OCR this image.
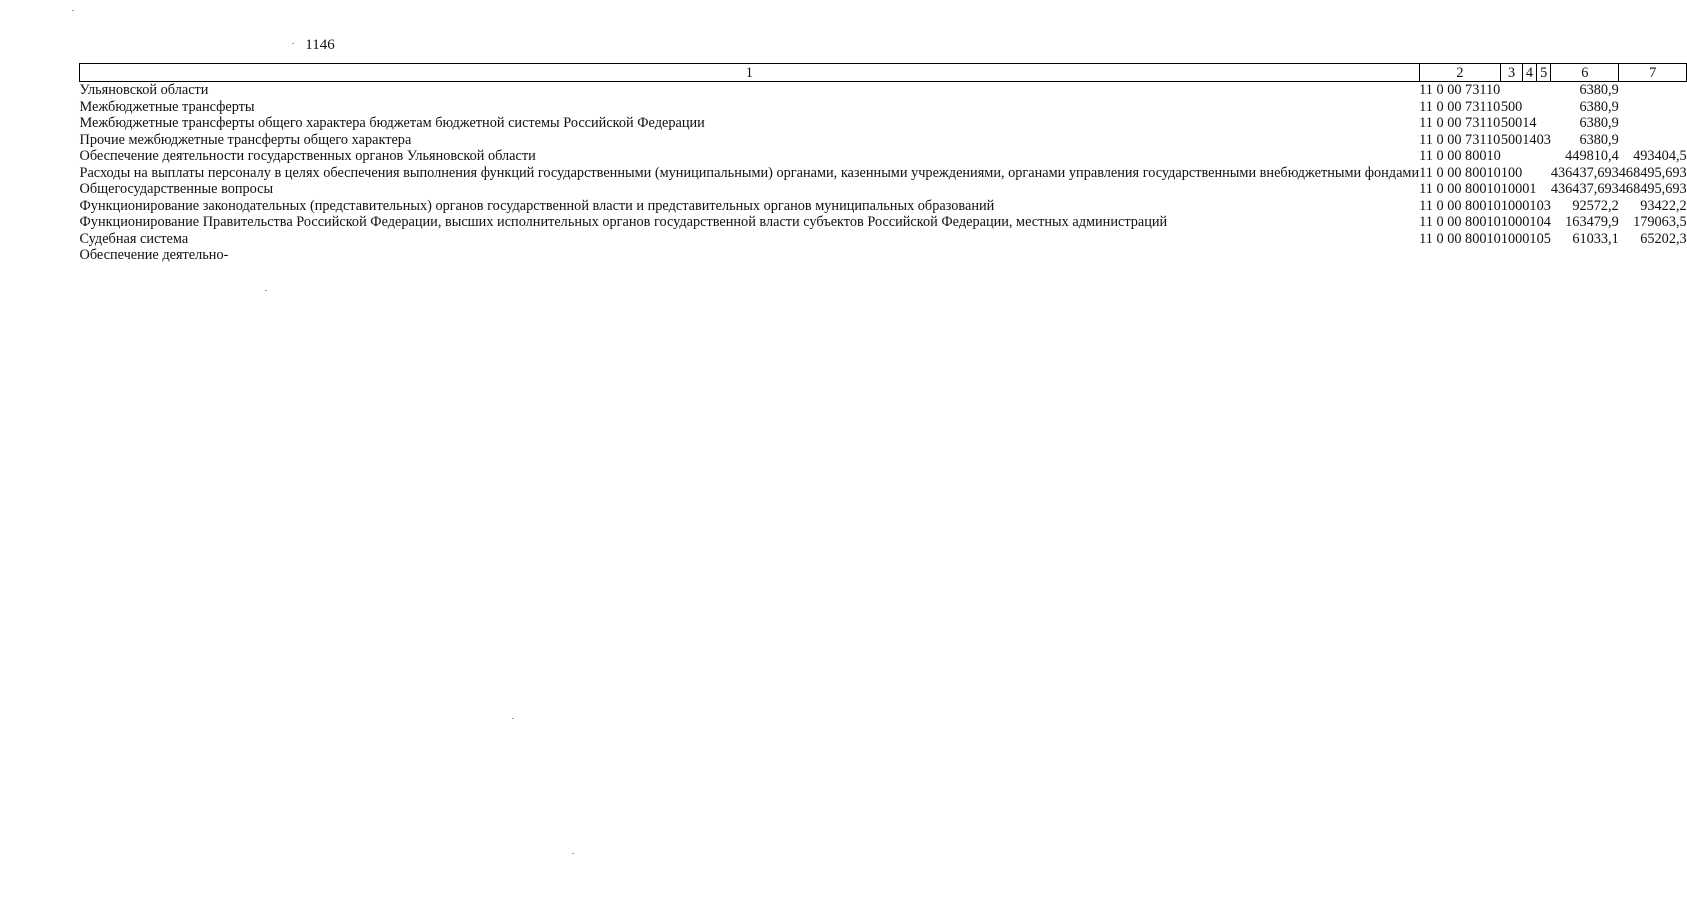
1146
1	2	3	4	5	6	7
Ульяновской области	11 0 00 73110				6380,9	
Межбюджетные трансферты	11 0 00 73110	500			6380,9	
Межбюджетные трансферты общего характера бюджетам бюджетной системы Российской Федерации	11 0 00 73110	500	14		6380,9	
Прочие межбюджетные трансферты общего характера	11 0 00 73110	500	14	03	6380,9	
Обеспечение деятельности государственных органов Ульяновской области	11 0 00 80010				449810,4	493404,5
Расходы на выплаты персоналу в целях обеспечения выполнения функций государственными (муниципальными) органами, казенными учреждениями, органами управления государственными внебюджетными фондами	11 0 00 80010	100			436437,693	468495,693
Общегосударственные вопросы	11 0 00 80010	100	01		436437,693	468495,693
Функционирование законодательных (представительных) органов государственной власти и представительных органов муниципальных образований	11 0 00 80010	100	01	03	92572,2	93422,2
Функционирование Правительства Российской Федерации, высших исполнительных органов государственной власти субъектов Российской Федерации, местных администраций	11 0 00 80010	100	01	04	163479,9	179063,5
Судебная система	11 0 00 80010	100	01	05	61033,1	65202,3
Обеспечение деятельно-						
